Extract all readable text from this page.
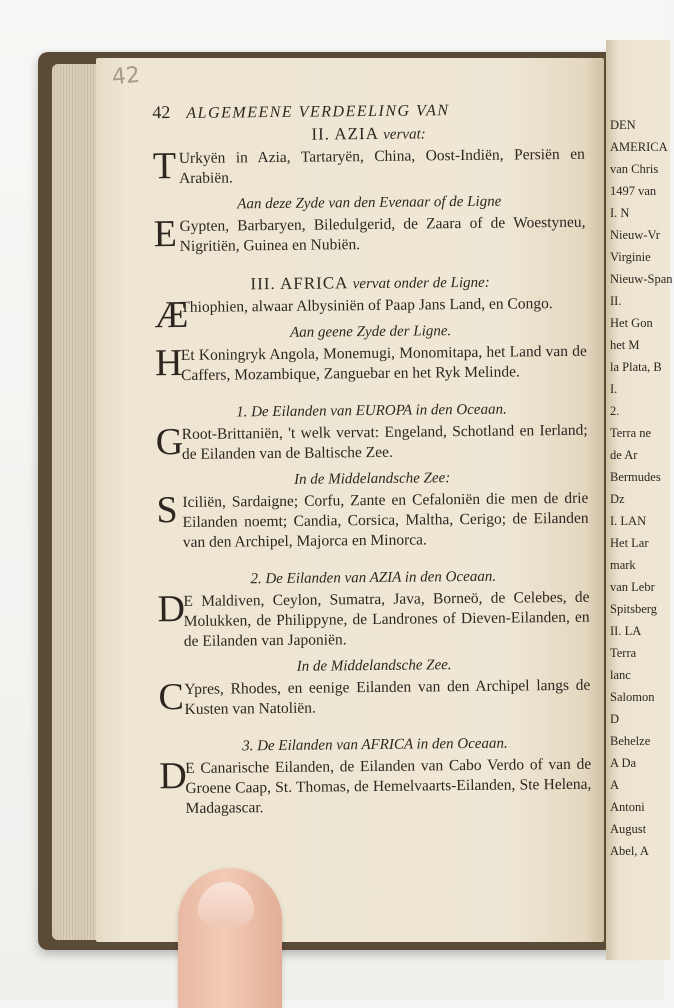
42
42 ALGEMEENE VERDEELING VAN
II. AZIA vervat:
T Urkyën in Azia, Tartaryën, China, Oost-Indiën, Persiën en Arabiën.
Aan deze Zyde van den Evenaar of de Ligne
E Gypten, Barbaryen, Biledulgerid, de Zaara of de Woestyneu, Nigritiën, Guinea en Nubiën.
III. AFRICA vervat onder de Ligne:
Æ
Thiophien, alwaar Albysiniën of Paap Jans Land, en Congo.
Aan geene Zyde der Ligne.
H
Et Koningryk Angola, Monemugi, Monomitapa, het Land van de Caffers, Mozambique, Zanguebar en het Ryk Melinde.
1. De Eilanden van EUROPA in den Oceaan.
G
Root-Brittaniën, 't welk vervat: Engeland, Schotland en Ierland; de Eilanden van de Baltische Zee.
In de Middelandsche Zee:
S Iciliën, Sardaigne; Corfu, Zante en Cefaloniën die men de drie Eilanden noemt; Candia, Corsica, Maltha, Cerigo; de Eilanden van den Archipel, Majorca en Minorca.
2. De Eilanden van AZIA in den Oceaan.
D
E Maldiven, Ceylon, Sumatra, Java, Borneö, de Celebes, de Molukken, de Philippyne, de Landrones of Dieven-Eilanden, en de Eilanden van Japoniën.
In de Middelandsche Zee.
C Ypres, Rhodes, en eenige Eilanden van den Archipel langs de Kusten van Natoliën.
3. De Eilanden van AFRICA in den Oceaan.
D
E Canarische Eilanden, de Eilanden van Cabo Verdo of van de Groene Caap, St. Thomas, de Hemelvaarts-Eilanden, Ste Helena, Madagascar.
DEN
AMERICA
van Chris
1497 van
I. N
Nieuw-Vr
Virginie
Nieuw-Span
II.
Het Gon
het M
la Plata, B
I.
2.
Terra ne
de Ar
Bermudes
Dz
I. LAN
Het Lar
mark
van Lebr
Spitsberg
II. LA
Terra
lanc
Salomon
D
Behelze
A Da
A
Antoni
August
Abel, A
